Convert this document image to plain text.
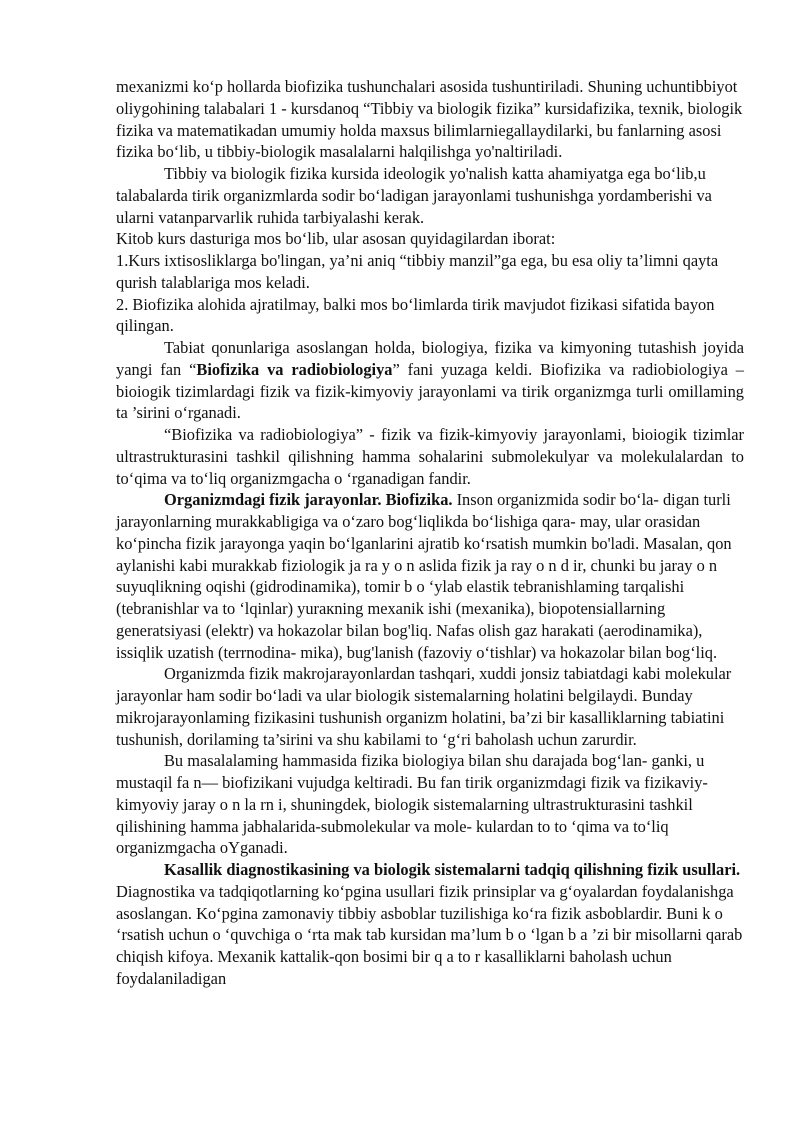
mexanizmi ko‘p hollarda biofizika tushunchalari asosida tushuntiriladi. Shuning uchuntibbiyot oliygohining talabalari 1 - kursdanoq “Tibbiy va biologik fizika” kursidafizika, texnik, biologik fizika va matematikadan umumiy holda maxsus bilimlarniegallaydilarki, bu fanlarning asosi fizika bo‘lib, u tibbiy-biologik masalalarni halqilishga yo'naltiriladi.

Tibbiy va biologik fizika kursida ideologik yo'nalish katta ahamiyatga ega bo‘lib,u talabalarda tirik organizmlarda sodir bo‘ladigan jarayonlami tushunishga yordamberishi va ularni vatanparvarlik ruhida tarbiyalashi kerak.

Kitob kurs dasturiga mos bo‘lib, ular asosan quyidagilardan iborat:

1.Kurs ixtisosliklarga bo'lingan, ya’ni aniq “tibbiy manzil”ga ega, bu esa oliy ta’limni qayta qurish talablariga mos keladi.

2. Biofizika alohida ajratilmay, balki mos bo‘limlarda tirik mavjudot fizikasi sifatida bayon qilingan.

Tabiat qonunlariga asoslangan holda, biologiya, fizika va kimyoning tutashish joyida yangi fan “Biofizika va radiobiologiya” fani yuzaga keldi. Biofizika va radiobiologiya – bioiogik tizimlardagi fizik va fizik-kimyoviy jarayonlami va tirik organizmga turli omillaming ta ’sirini o‘rganadi.

“Biofizika va radiobiologiya” - fizik va fizik-kimyoviy jarayonlami, bioiogik tizimlar ultrastrukturasini tashkil qilishning hamma sohalarini submolekulyar va molekulalardan to to‘qima va to‘liq organizmgacha o ‘rganadigan fandir.

Organizmdagi fizik jarayonlar. Biofizika. Inson organizmida sodir bo‘la- digan turli jarayonlarning murakkabligiga va o‘zaro bog‘liqlikda bo‘lishiga qara- may, ular orasidan ko‘pincha fizik jarayonga yaqin bo‘lganlarini ajratib ko‘rsatish mumkin bo'ladi. Masalan, qon aylanishi kabi murakkab fiziologik ja ra y o n aslida fizik ja ray o n d ir, chunki bu jaray o n suyuqlikning oqishi (gidrodinamika), tomir b o ‘ylab elastik tebranishlaming tarqalishi (tebranishlar va to ‘lqinlar) yuraкning mexanik ishi (mexanika), biopotensiallarning generatsiyasi (elektr) va hokazolar bilan bog'liq. Nafas olish gaz harakati (aerodinamika), issiqlik uzatish (terrnodina- mika), bug'lanish (fazoviy o‘tishlar) va hokazolar bilan bog‘liq.

Organizmda fizik makrojarayonlardan tashqari, xuddi jonsiz tabiatdagi kabi molekular jarayonlar ham sodir bo‘ladi va ular biologik sistemalarning holatini belgilaydi. Bunday mikrojarayonlaming fizikasini tushunish organizm holatini, ba’zi bir kasalliklarning tabiatini tushunish, dorilaming ta’sirini va shu kabilami to ‘g‘ri baholash uchun zarurdir.

Bu masalalaming hammasida fizika biologiya bilan shu darajada bog‘lan- ganki, u mustaqil fa n— biofizikani vujudga keltiradi. Bu fan tirik organizmdagi fizik va fizikaviy-kimyoviy jaray o n la rn i, shuningdek, biologik sistemalarning ultrastrukturasini tashkil qilishining hamma jabhalarida-submolekular va mole- kulardan to to ‘qima va to‘liq organizmgacha oYganadi.

Kasallik diagnostikasining va biologik sistemalarni tadqiq qilishning fizik usullari. Diagnostika va tadqiqotlarning ko‘pgina usullari fizik prinsiplar va g‘oyalardan foydalanishga asoslangan. Ko‘pgina zamonaviy tibbiy asboblar tuzilishiga ko‘ra fizik asboblardir. Buni k o ‘rsatish uchun o ‘quvchiga o ‘rta mak tab kursidan ma’lum b o ‘lgan b a ’zi bir misollarni qarab chiqish kifoya. Mexanik kattalik-qon bosimi bir q a to r kasalliklarni baholash uchun foydalaniladigan
